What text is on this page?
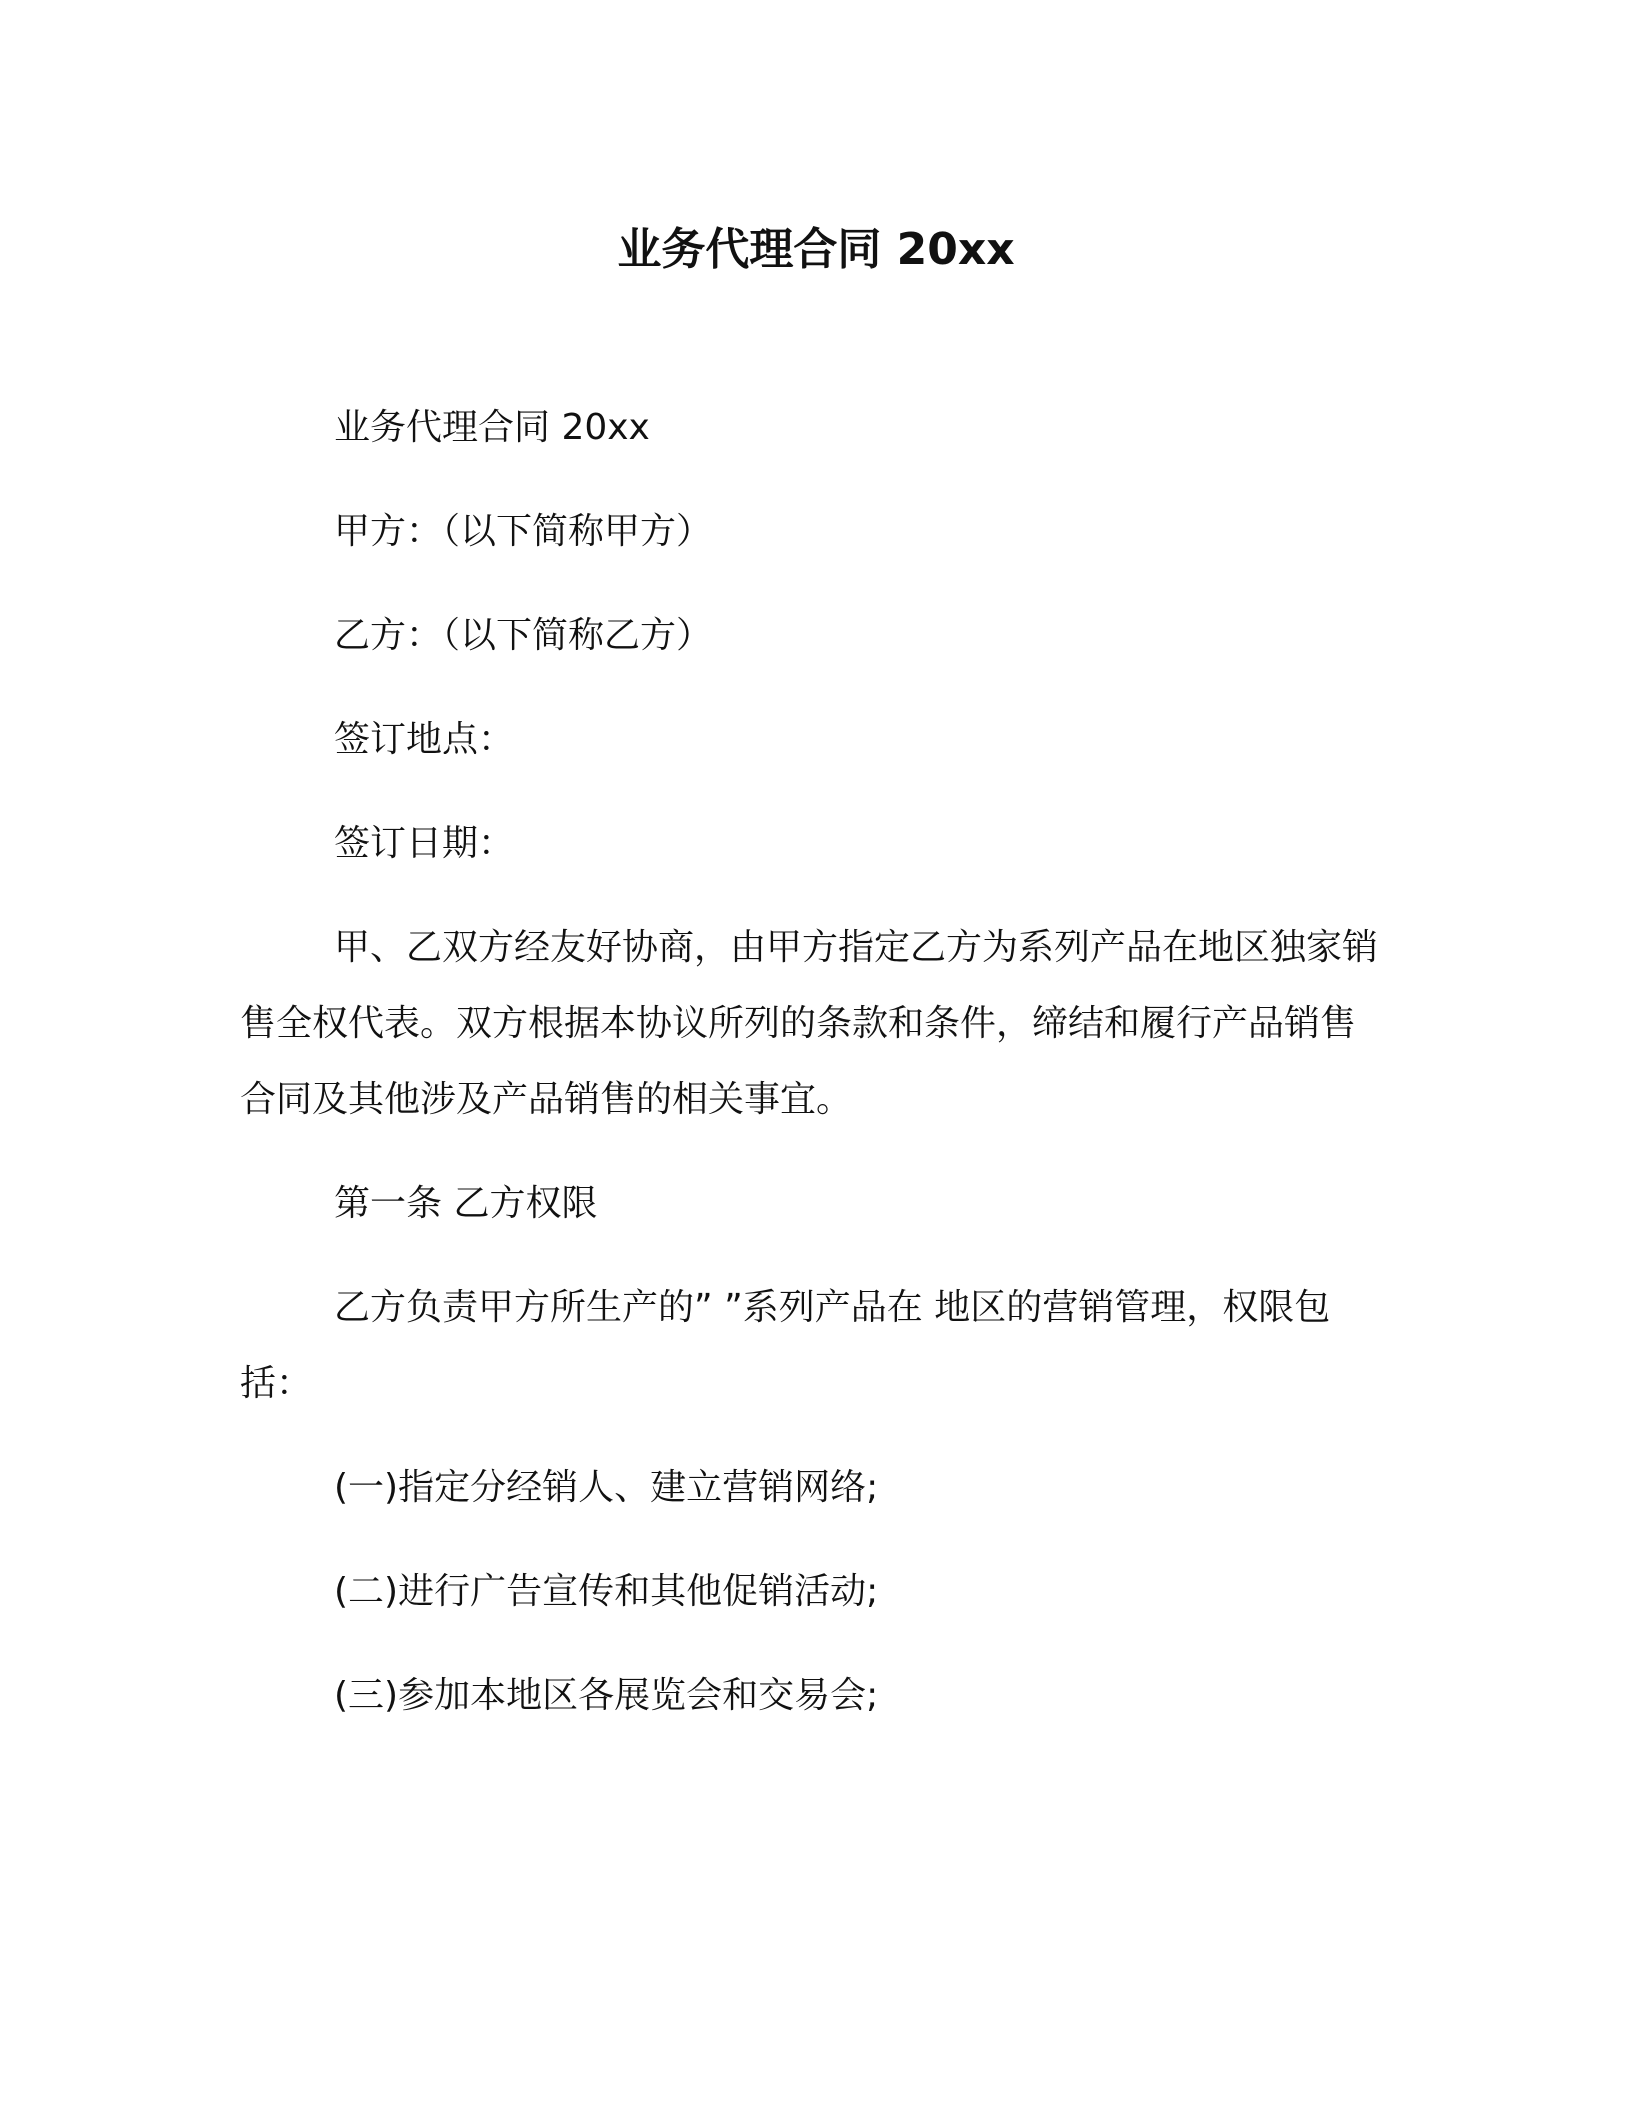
业务代理合同 20xx

业务代理合同 20xx

甲方：（以下简称甲方）

乙方：（以下简称乙方）

签订地点：

签订日期：

甲、乙双方经友好协商，由甲方指定乙方为系列产品在地区独家销售全权代表。双方根据本协议所列的条款和条件，缔结和履行产品销售合同及其他涉及产品销售的相关事宜。

第一条 乙方权限

乙方负责甲方所生产的” ”系列产品在 地区的营销管理，权限包括：

(一)指定分经销人、建立营销网络;

(二)进行广告宣传和其他促销活动;

(三)参加本地区各展览会和交易会;
